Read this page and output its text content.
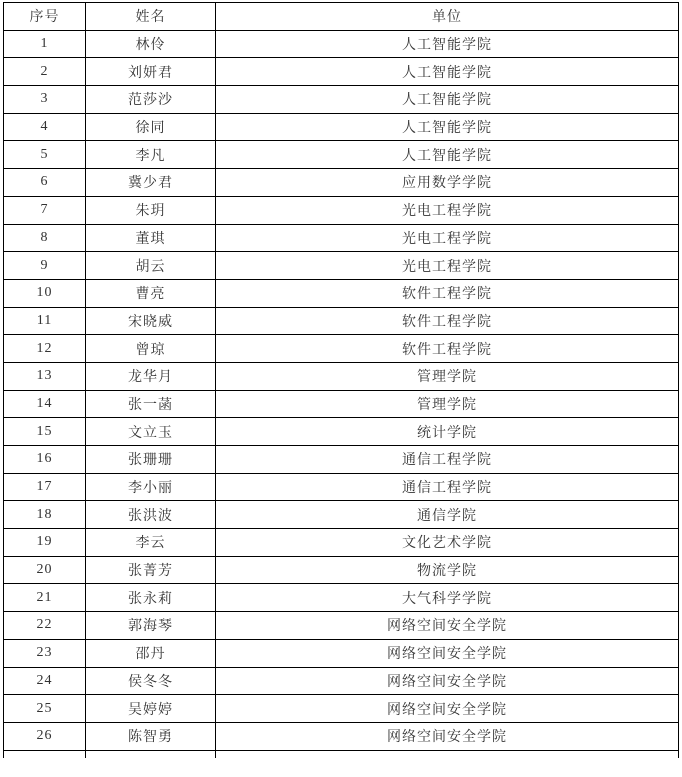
序号	姓名	单位
1	林伶	人工智能学院
2	刘妍君	人工智能学院
3	范莎沙	人工智能学院
4	徐同	人工智能学院
5	李凡	人工智能学院
6	冀少君	应用数学学院
7	朱玥	光电工程学院
8	董琪	光电工程学院
9	胡云	光电工程学院
10	曹亮	软件工程学院
11	宋晓威	软件工程学院
12	曾琼	软件工程学院
13	龙华月	管理学院
14	张一菡	管理学院
15	文立玉	统计学院
16	张珊珊	通信工程学院
17	李小丽	通信工程学院
18	张洪波	通信学院
19	李云	文化艺术学院
20	张菁芳	物流学院
21	张永莉	大气科学学院
22	郭海琴	网络空间安全学院
23	邵丹	网络空间安全学院
24	侯冬冬	网络空间安全学院
25	吴婷婷	网络空间安全学院
26	陈智勇	网络空间安全学院
